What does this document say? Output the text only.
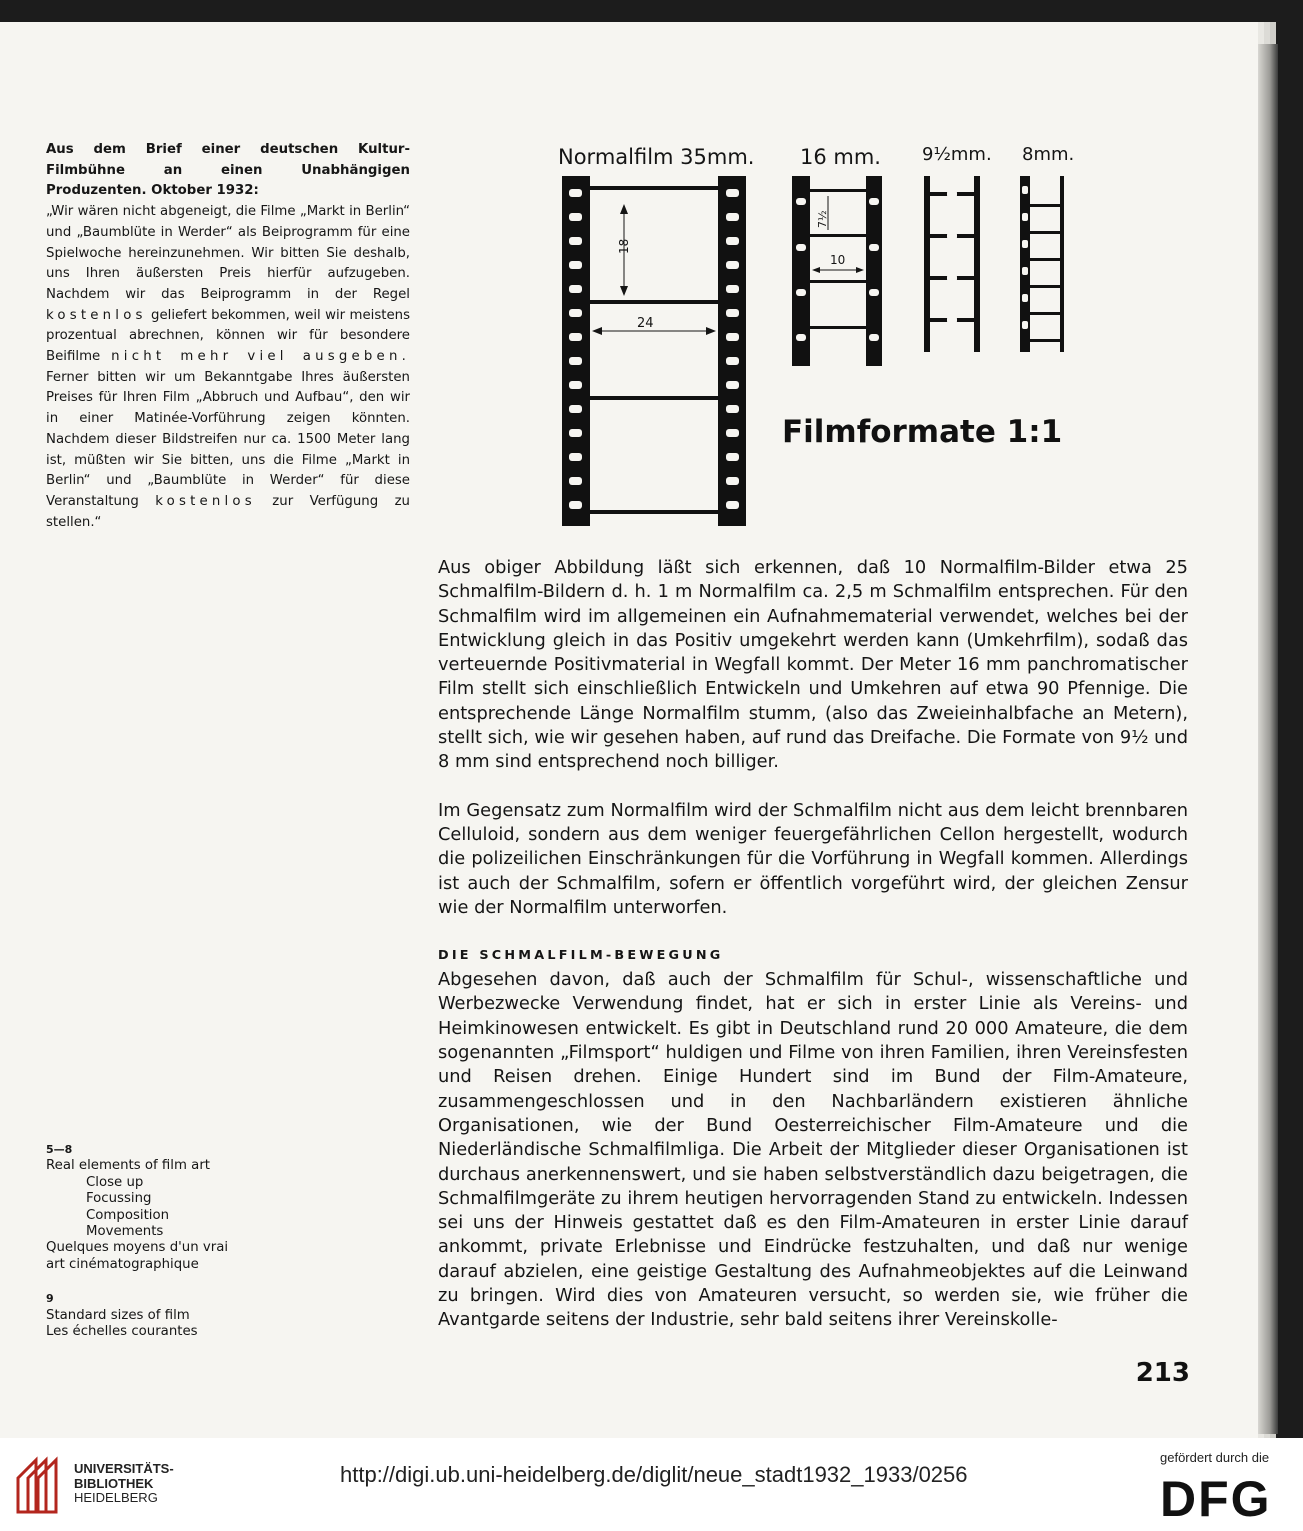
Aus dem Brief einer deutschen Kultur-Filmbühne an einen Unabhängigen Produzenten. Oktober 1932:

„Wir wären nicht abgeneigt, die Filme „Markt in Berlin“ und „Baumblüte in Werder“ als Beiprogramm für eine Spielwoche hereinzunehmen. Wir bitten Sie deshalb, uns Ihren äußersten Preis hierfür aufzugeben. Nachdem wir das Beiprogramm in der Regel kostenlos geliefert bekommen, weil wir meistens prozentual abrechnen, können wir für besondere Beifilme nicht mehr viel ausgeben. Ferner bitten wir um Bekanntgabe Ihres äußersten Preises für Ihren Film „Abbruch und Aufbau“, den wir in einer Matinée-Vorführung zeigen könnten. Nachdem dieser Bildstreifen nur ca. 1500 Meter lang ist, müßten wir Sie bitten, uns die Filme „Markt in Berlin“ und „Baumblüte in Werder“ für diese Veranstaltung kostenlos zur Verfügung zu stellen.“

Normalfilm 35mm. 16 mm. 9½mm. 8mm.
18
24
7½
10
Filmformate 1:1

Aus obiger Abbildung läßt sich erkennen, daß 10 Normalfilm-Bilder etwa 25 Schmalfilm-Bildern d. h. 1 m Normalfilm ca. 2,5 m Schmalfilm entsprechen. Für den Schmalfilm wird im allgemeinen ein Aufnahmematerial verwendet, welches bei der Entwicklung gleich in das Positiv umgekehrt werden kann (Umkehrfilm), sodaß das verteuernde Positivmaterial in Wegfall kommt. Der Meter 16 mm panchromatischer Film stellt sich einschließlich Entwickeln und Umkehren auf etwa 90 Pfennige. Die entsprechende Länge Normalfilm stumm, (also das Zweieinhalbfache an Metern), stellt sich, wie wir gesehen haben, auf rund das Dreifache. Die Formate von 9½ und 8 mm sind entsprechend noch billiger.

Im Gegensatz zum Normalfilm wird der Schmalfilm nicht aus dem leicht brennbaren Celluloid, sondern aus dem weniger feuergefährlichen Cellon hergestellt, wodurch die polizeilichen Einschränkungen für die Vorführung in Wegfall kommen. Allerdings ist auch der Schmalfilm, sofern er öffentlich vorgeführt wird, der gleichen Zensur wie der Normalfilm unterworfen.

DIE SCHMALFILM-BEWEGUNG

Abgesehen davon, daß auch der Schmalfilm für Schul-, wissenschaftliche und Werbezwecke Verwendung findet, hat er sich in erster Linie als Vereins- und Heimkinowesen entwickelt. Es gibt in Deutschland rund 20 000 Amateure, die dem sogenannten „Filmsport“ huldigen und Filme von ihren Familien, ihren Vereinsfesten und Reisen drehen. Einige Hundert sind im Bund der Film-Amateure, zusammengeschlossen und in den Nachbarländern existieren ähnliche Organisationen, wie der Bund Oesterreichischer Film-Amateure und die Niederländische Schmalfilmliga. Die Arbeit der Mitglieder dieser Organisationen ist durchaus anerkennenswert, und sie haben selbstverständlich dazu beigetragen, die Schmalfilmgeräte zu ihrem heutigen hervorragenden Stand zu entwickeln. Indessen sei uns der Hinweis gestattet daß es den Film-Amateuren in erster Linie darauf ankommt, private Erlebnisse und Eindrücke festzuhalten, und daß nur wenige darauf abzielen, eine geistige Gestaltung des Aufnahmeobjektes auf die Leinwand zu bringen. Wird dies von Amateuren versucht, so werden sie, wie früher die Avantgarde seitens der Industrie, sehr bald seitens ihrer Vereinskolle-

5—8
Real elements of film art
Close up
Focussing
Composition
Movements
Quelques moyens d'un vrai
art cinématographique
9
Standard sizes of film
Les échelles courantes
213
UNIVERSITÄTS-
BIBLIOTHEK
HEIDELBERG
http://digi.ub.uni-heidelberg.de/diglit/neue_stadt1932_1933/0256
gefördert durch die
DFG
